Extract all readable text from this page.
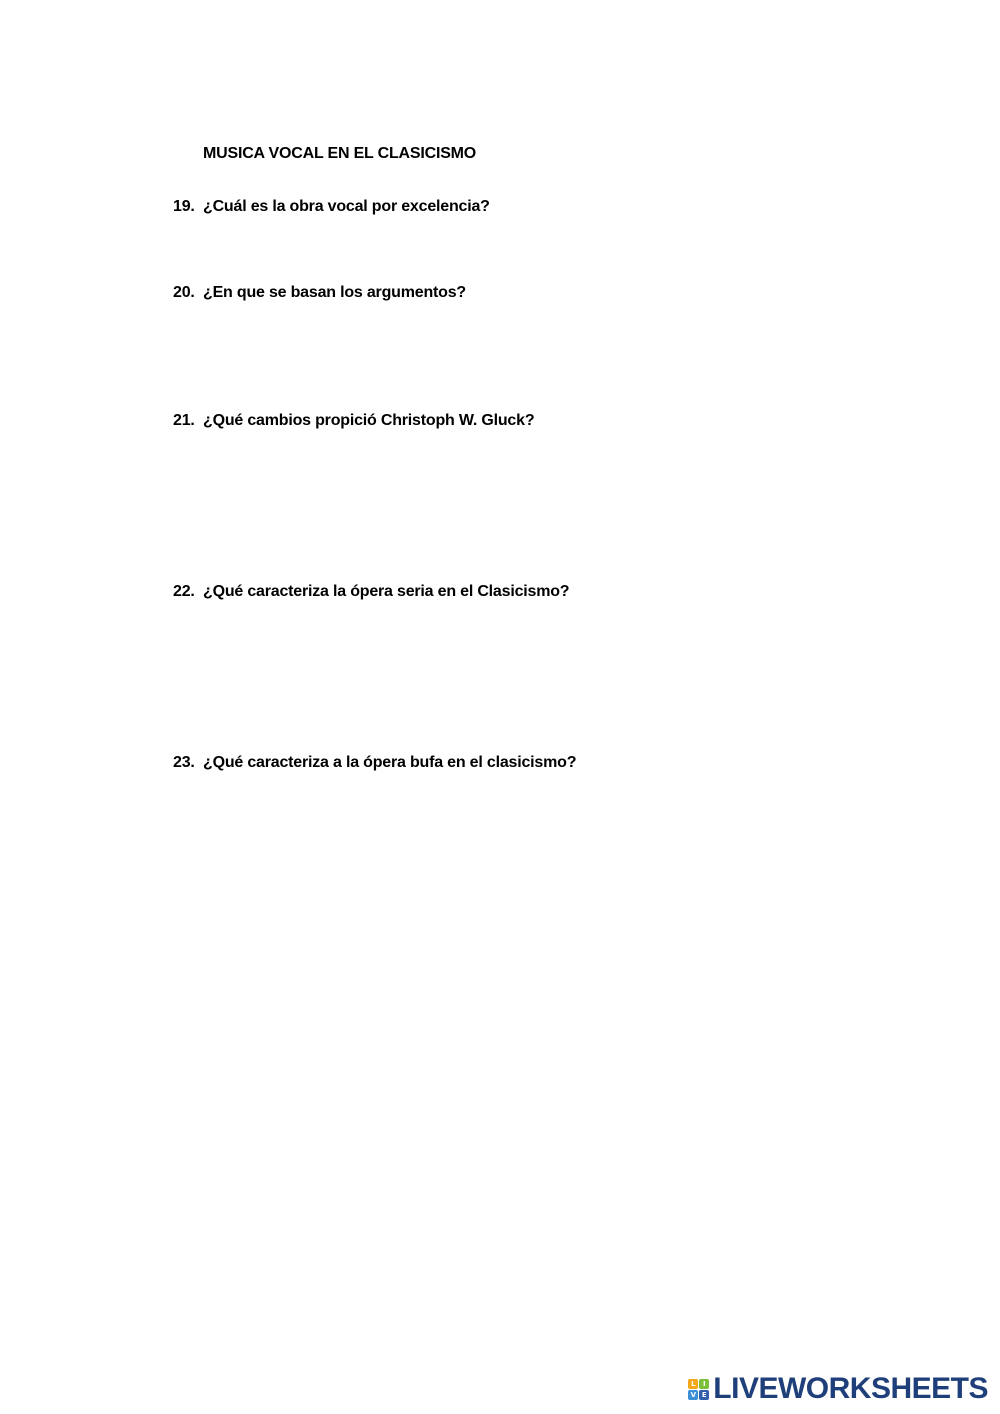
MUSICA VOCAL EN EL CLASICISMO
19. ¿Cuál es la obra vocal por excelencia?
20. ¿En que se basan los argumentos?
21. ¿Qué cambios propició Christoph W. Gluck?
22. ¿Qué caracteriza la ópera seria en el Clasicismo?
23. ¿Qué caracteriza a la ópera bufa en el clasicismo?
L	I
V E LIVEWORKSHEETS
